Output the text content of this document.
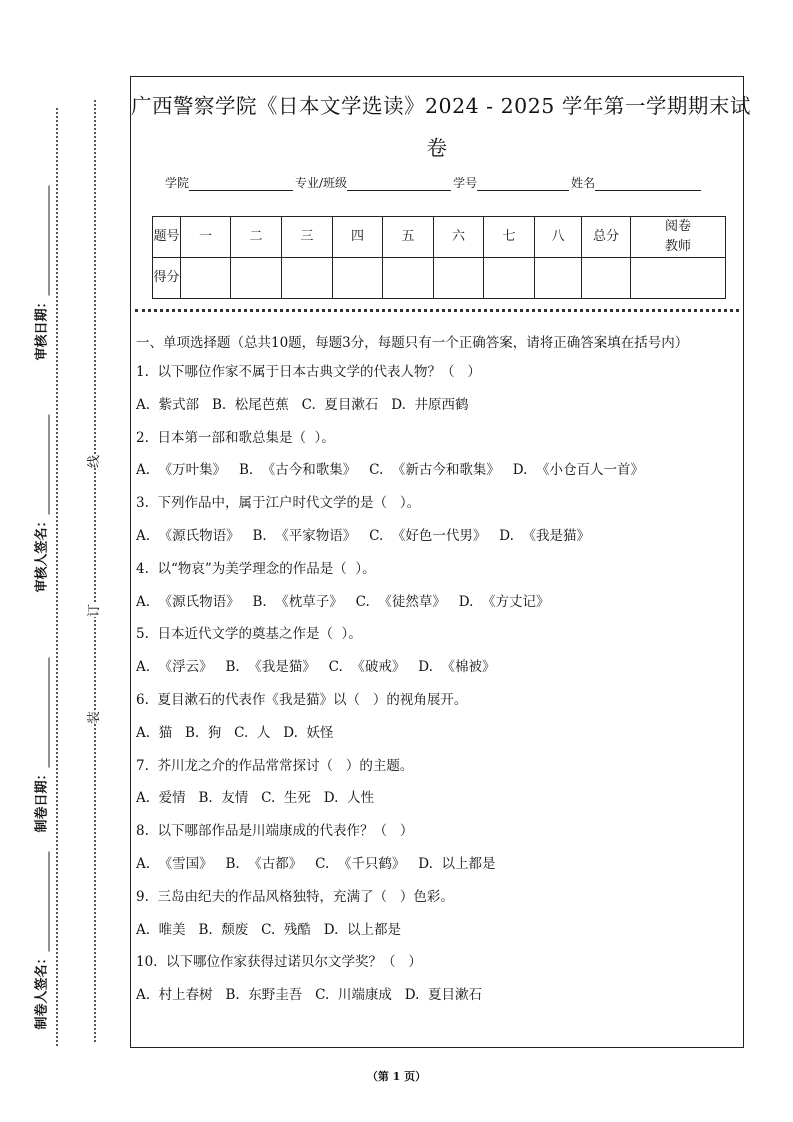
审核日期：
审核人签名：
制卷日期：
制卷人签名：
线
订
装
广西警察学院《日本文学选读》2024 - 2025 学年第一学期期末试
卷
学院	专业/班级	学号	姓名
题号	一	二	三	四	五	六	七	八	总分	阅卷教师
得分										
一、单项选择题（总共10题，每题3分，每题只有一个正确答案，请将正确答案填在括号内）
1.  以下哪位作家不属于日本古典文学的代表人物？（   ）
A.  紫式部   B.  松尾芭蕉   C.  夏目漱石   D.  井原西鹤
2.  日本第一部和歌总集是（  ）。
A.  《万叶集》   B.  《古今和歌集》   C.  《新古今和歌集》   D.  《小仓百人一首》
3.  下列作品中，属于江户时代文学的是（   ）。
A.  《源氏物语》   B.  《平家物语》   C.  《好色一代男》   D.  《我是猫》
4.  以“物哀”为美学理念的作品是（  ）。
A.  《源氏物语》   B.  《枕草子》   C.  《徒然草》   D.  《方丈记》
5.  日本近代文学的奠基之作是（  ）。
A.  《浮云》   B.  《我是猫》   C.  《破戒》   D.  《棉被》
6.  夏目漱石的代表作《我是猫》以（   ）的视角展开。
A.  猫   B.  狗   C.  人   D.  妖怪
7.  芥川龙之介的作品常常探讨（   ）的主题。
A.  爱情   B.  友情   C.  生死   D.  人性
8.  以下哪部作品是川端康成的代表作？（   ）
A.  《雪国》   B.  《古都》   C.  《千只鹤》   D.  以上都是
9.  三岛由纪夫的作品风格独特，充满了（   ）色彩。
A.  唯美   B.  颓废   C.  残酷   D.  以上都是
10.  以下哪位作家获得过诺贝尔文学奖？（   ）
A.  村上春树   B.  东野圭吾   C.  川端康成   D.  夏目漱石
（第 1 页）
